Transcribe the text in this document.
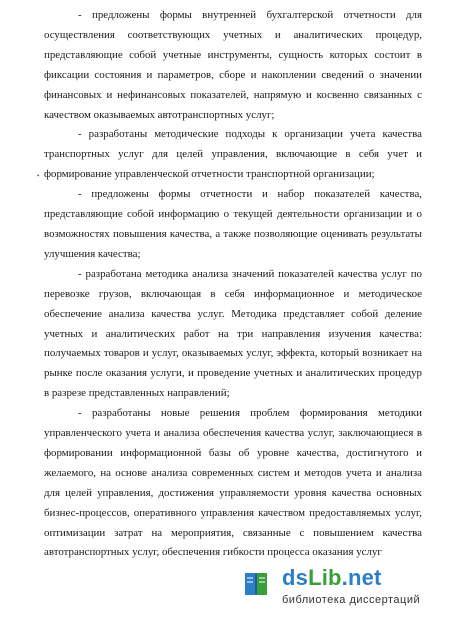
- предложены формы внутренней бухгалтерской отчетности для осуществления соответствующих учетных и аналитических процедур, представляющие собой учетные инструменты, сущность которых состоит в фиксации состояния и параметров, сборе и накоплении сведений о значении финансовых и нефинансовых показателей, напрямую и косвенно связанных с качеством оказываемых автотранспортных услуг;

- разработаны методические подходы к организации учета качества транспортных услуг для целей управления, включающие в себя учет и формирование управленческой отчетности транспортной организации;

- предложены формы отчетности и набор показателей качества, представляющие собой информацию о текущей деятельности организации и о возможностях повышения качества, а также позволяющие оценивать результаты улучшения качества;

- разработана методика анализа значений показателей качества услуг по перевозке грузов, включающая в себя информационное и методическое обеспечение анализа качества услуг. Методика представляет собой деление учетных и аналитических работ на три направления изучения качества: получаемых товаров и услуг, оказываемых услуг, эффекта, который возникает на рынке после оказания услуги, и проведение учетных и аналитических процедур в разрезе представленных направлений;

- разработаны новые решения проблем формирования методики управленческого учета и анализа обеспечения качества услуг, заключающиеся в формировании информационной базы об уровне качества, достигнутого и желаемого, на основе анализа современных систем и методов учета и анализа для целей управления, достижения управляемости уровня качества основных бизнес-процессов, оперативного управления качеством предоставляемых услуг, оптимизации затрат на мероприятия, связанные с повышением качества автотранспортных услуг, обеспечения гибкости процесса оказания услуг

•
dsLib.net
библиотека диссертаций
